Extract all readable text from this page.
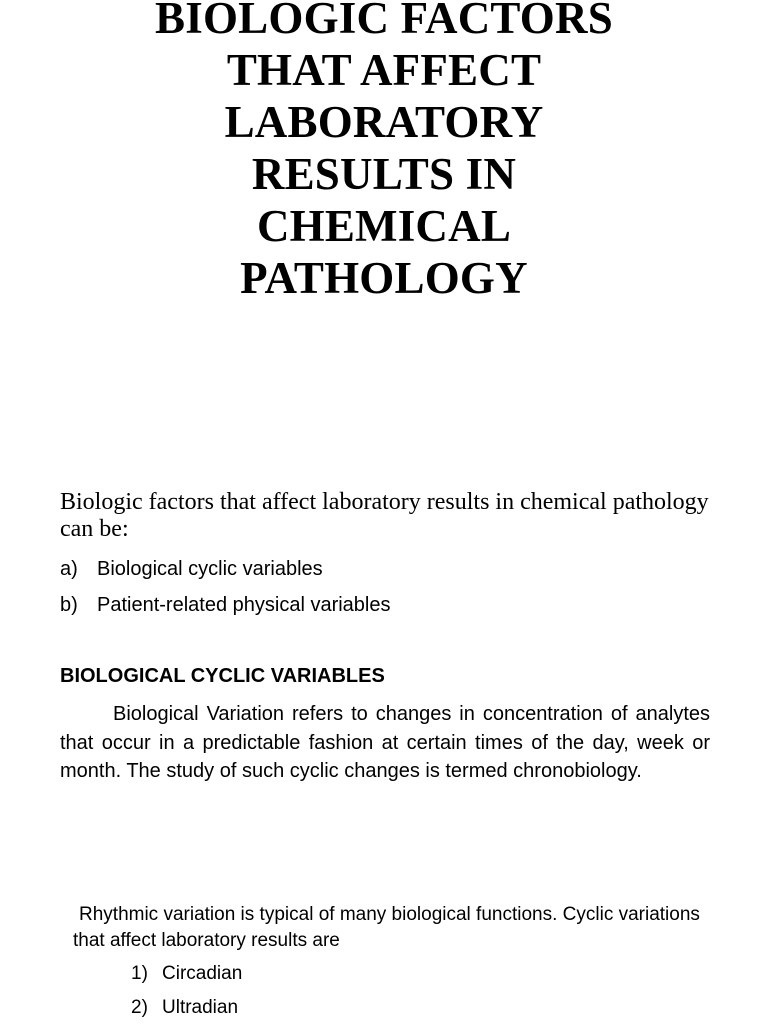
BIOLOGIC FACTORS
THAT AFFECT
LABORATORY
RESULTS IN
CHEMICAL
PATHOLOGY

Biologic factors that affect laboratory results in chemical pathology can be:

a) Biological cyclic variables
b) Patient-related physical variables
BIOLOGICAL CYCLIC VARIABLES

Biological Variation refers to changes in concentration of analytes that occur in a predictable fashion at certain times of the day, week or month. The study of such cyclic changes is termed chronobiology.

Rhythmic variation is typical of many biological functions. Cyclic variations that affect laboratory results are

1) Circadian
2) Ultradian
